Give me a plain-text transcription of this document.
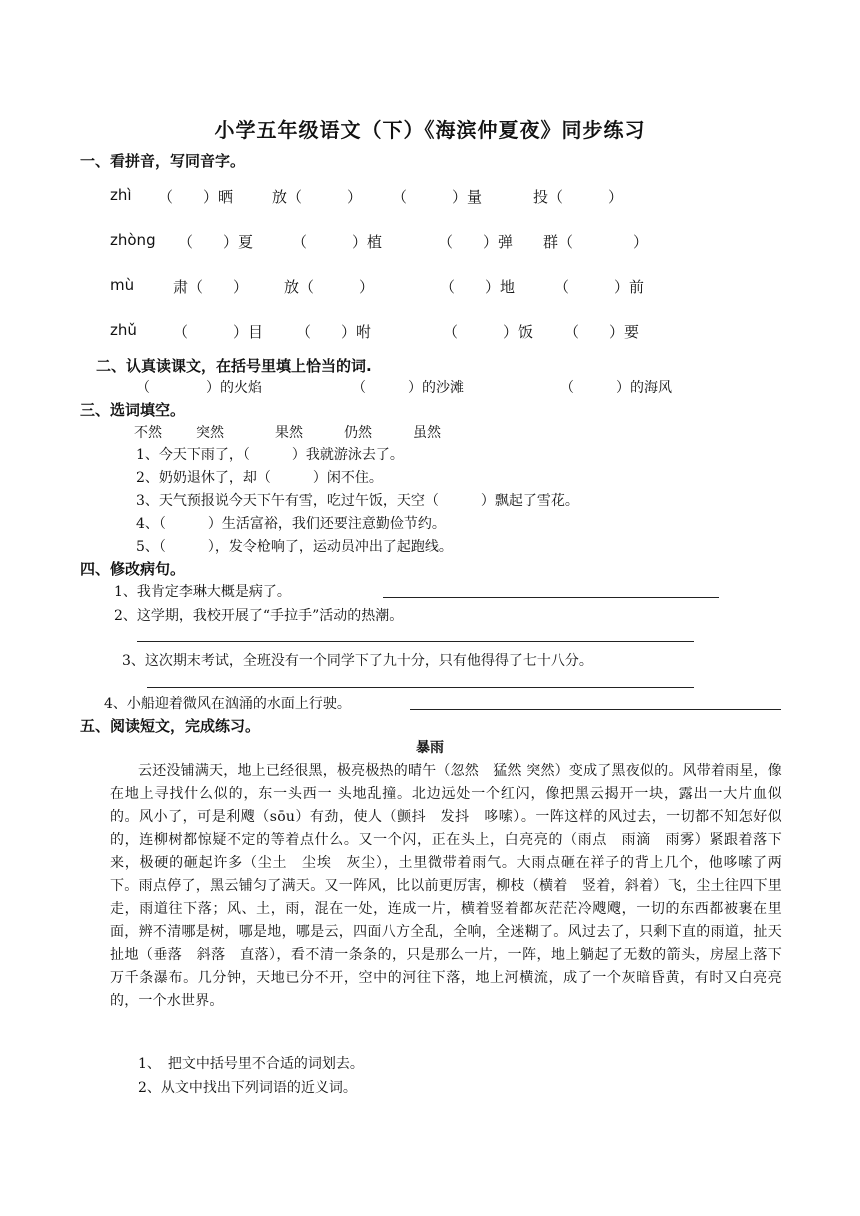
小学五年级语文（下）《海滨仲夏夜》同步练习
一、看拼音，写同音字。
zhì （　　）晒	放（　　　） （　　　）量	投（　　　）
zhòng （　　）夏	（　　　）植	（　　）弹 群（　　　　）
mù	肃（　　） 放（　　　）	（　　）地	（　　　）前
zhǔ （　　　）目 （　　）咐	（　　　）饭 （　　）要
二、认真读课文，在括号里填上恰当的词.
（　　　　）的火焰	（　　　）的沙滩	（　　　）的海风
三、选词填空。
不然 突然	果然	仍然	虽然
1、今天下雨了，（　　　）我就游泳去了。
2、奶奶退休了，却（　　　）闲不住。
3、天气预报说今天下午有雪，吃过午饭，天空（　　　）飘起了雪花。
4、（　　　）生活富裕，我们还要注意勤俭节约。
5、（　　　），发令枪响了，运动员冲出了起跑线。
四、修改病句。
1、我肯定李琳大概是病了。
2、这学期，我校开展了“手拉手”活动的热潮。
3、这次期末考试，全班没有一个同学下了九十分，只有他得得了七十八分。
4、小船迎着微风在汹涌的水面上行驶。
五、阅读短文，完成练习。
暴雨
云还没铺满天，地上已经很黑，极亮极热的晴午（忽然　猛然 突然）变成了黑夜似的。风带着雨星，像在地上寻找什么似的，东一头西一 头地乱撞。北边远处一个红闪，像把黑云揭开一块，露出一大片血似的。风小了，可是利飕（sōu）有劲，使人（颤抖　发抖　哆嗦）。一阵这样的风过去，一切都不知怎好似的，连柳树都惊疑不定的等着点什么。又一个闪，正在头上，白亮亮的（雨点　雨滴　雨雾）紧跟着落下来，极硬的砸起许多（尘土　尘埃　灰尘），土里微带着雨气。大雨点砸在祥子的背上几个，他哆嗦了两下。雨点停了，黑云铺匀了满天。又一阵风，比以前更厉害，柳枝（横着　竖着，斜着）飞，尘土往四下里走，雨道往下落；风、土，雨，混在一处，连成一片，横着竖着都灰茫茫冷飕飕，一切的东西都被裹在里面，辨不清哪是树，哪是地，哪是云，四面八方全乱，全响，全迷糊了。风过去了，只剩下直的雨道，扯天扯地（垂落　斜落　直落），看不清一条条的，只是那么一片，一阵，地上躺起了无数的箭头，房屋上落下万千条瀑布。几分钟，天地已分不开，空中的河往下落，地上河横流，成了一个灰暗昏黄，有时又白亮亮的，一个水世界。
1、　把文中括号里不合适的词划去。
2、从文中找出下列词语的近义词。
